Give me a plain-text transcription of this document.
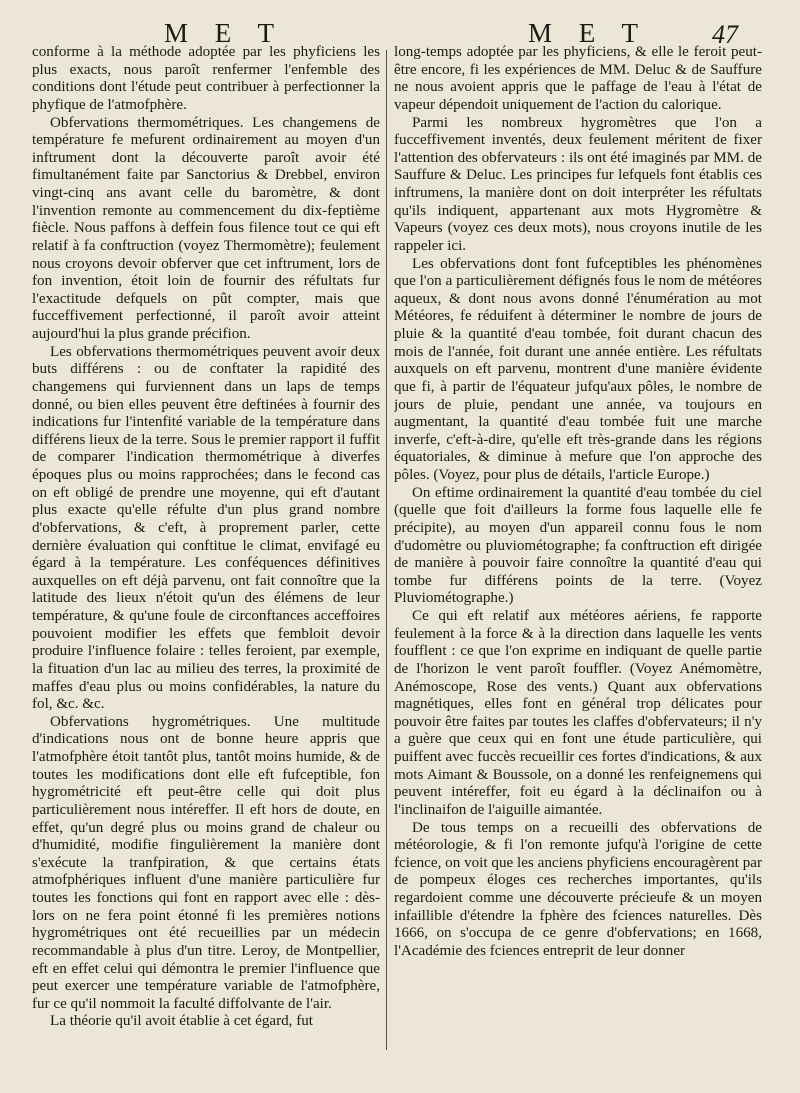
M E T	M E T 47

conforme à la méthode adoptée par les phyficiens les plus exacts, nous paroît renfermer l'enfemble des conditions dont l'étude peut contribuer à perfectionner la phyfique de l'atmofphère.

Obfervations thermométriques. Les changemens de température fe mefurent ordinairement au moyen d'un inftrument dont la découverte paroît avoir été fimultanément faite par Sanctorius & Drebbel, environ vingt-cinq ans avant celle du baromètre, & dont l'invention remonte au commencement du dix-feptième fiècle. Nous paffons à deffein fous filence tout ce qui eft relatif à fa conftruction (voyez Thermomètre); feulement nous croyons devoir obferver que cet inftrument, lors de fon invention, étoit loin de fournir des réfultats fur l'exactitude defquels on pût compter, mais que fucceffivement perfectionné, il paroît avoir atteint aujourd'hui la plus grande précifion.

Les obfervations thermométriques peuvent avoir deux buts différens : ou de conftater la rapidité des changemens qui furviennent dans un laps de temps donné, ou bien elles peuvent être deftinées à fournir des indications fur l'intenfité variable de la température dans différens lieux de la terre. Sous le premier rapport il fuffit de comparer l'indication thermométrique à diverfes époques plus ou moins rapprochées; dans le fecond cas on eft obligé de prendre une moyenne, qui eft d'autant plus exacte qu'elle réfulte d'un plus grand nombre d'obfervations, & c'eft, à proprement parler, cette dernière évaluation qui conftitue le climat, envifagé eu égard à la température. Les conféquences définitives auxquelles on eft déjà parvenu, ont fait connoître que la latitude des lieux n'étoit qu'un des élémens de leur température, & qu'une foule de circonftances acceffoires pouvoient modifier les effets que fembloit devoir produire l'influence folaire : telles feroient, par exemple, la fituation d'un lac au milieu des terres, la proximité de maffes d'eau plus ou moins confidérables, la nature du fol, &c. &c.

Obfervations hygrométriques. Une multitude d'indications nous ont de bonne heure appris que l'atmofphère étoit tantôt plus, tantôt moins humide, & de toutes les modifications dont elle eft fufceptible, fon hygrométricité eft peut-être celle qui doit plus particulièrement nous intéreffer. Il eft hors de doute, en effet, qu'un degré plus ou moins grand de chaleur ou d'humidité, modifie fingulièrement la manière dont s'exécute la tranfpiration, & que certains états atmofphériques influent d'une manière particulière fur toutes les fonctions qui font en rapport avec elle : dès-lors on ne fera point étonné fi les premières notions hygrométriques ont été recueillies par un médecin recommandable à plus d'un titre. Leroy, de Montpellier, eft en effet celui qui démontra le premier l'influence que peut exercer une température variable de l'atmofphère, fur ce qu'il nommoit la faculté diffolvante de l'air.

La théorie qu'il avoit établie à cet égard, fut

long-temps adoptée par les phyficiens, & elle le feroit peut-être encore, fi les expériences de MM. Deluc & de Sauffure ne nous avoient appris que le paffage de l'eau à l'état de vapeur dépendoit uniquement de l'action du calorique.

Parmi les nombreux hygromètres que l'on a fucceffivement inventés, deux feulement méritent de fixer l'attention des obfervateurs : ils ont été imaginés par MM. de Sauffure & Deluc. Les principes fur lefquels font établis ces inftrumens, la manière dont on doit interpréter les réfultats qu'ils indiquent, appartenant aux mots Hygromètre & Vapeurs (voyez ces deux mots), nous croyons inutile de les rappeler ici.

Les obfervations dont font fufceptibles les phénomènes que l'on a particulièrement défignés fous le nom de météores aqueux, & dont nous avons donné l'énumération au mot Météores, fe réduifent à déterminer le nombre de jours de pluie & la quantité d'eau tombée, foit durant chacun des mois de l'année, foit durant une année entière. Les réfultats auxquels on eft parvenu, montrent d'une manière évidente que fi, à partir de l'équateur jufqu'aux pôles, le nombre de jours de pluie, pendant une année, va toujours en augmentant, la quantité d'eau tombée fuit une marche inverfe, c'eft-à-dire, qu'elle eft très-grande dans les régions équatoriales, & diminue à mefure que l'on approche des pôles. (Voyez, pour plus de détails, l'article Europe.)

On eftime ordinairement la quantité d'eau tombée du ciel (quelle que foit d'ailleurs la forme fous laquelle elle fe précipite), au moyen d'un appareil connu fous le nom d'udomètre ou pluviométographe; fa conftruction eft dirigée de manière à pouvoir faire connoître la quantité d'eau qui tombe fur différens points de la terre. (Voyez Pluviométographe.)

Ce qui eft relatif aux météores aériens, fe rapporte feulement à la force & à la direction dans laquelle les vents foufflent : ce que l'on exprime en indiquant de quelle partie de l'horizon le vent paroît fouffler. (Voyez Anémomètre, Anémoscope, Rose des vents.) Quant aux obfervations magnétiques, elles font en général trop délicates pour pouvoir être faites par toutes les claffes d'obfervateurs; il n'y a guère que ceux qui en font une étude particulière, qui puiffent avec fuccès recueillir ces fortes d'indications, & aux mots Aimant & Boussole, on a donné les renfeignemens qui peuvent intéreffer, foit eu égard à la déclinaifon ou à l'inclinaifon de l'aiguille aimantée.

De tous temps on a recueilli des obfervations de météorologie, & fi l'on remonte jufqu'à l'origine de cette fcience, on voit que les anciens phyficiens encouragèrent par de pompeux éloges ces recherches importantes, qu'ils regardoient comme une découverte précieufe & un moyen infaillible d'étendre la fphère des fciences naturelles. Dès 1666, on s'occupa de ce genre d'obfervations; en 1668, l'Académie des fciences entreprit de leur donner
